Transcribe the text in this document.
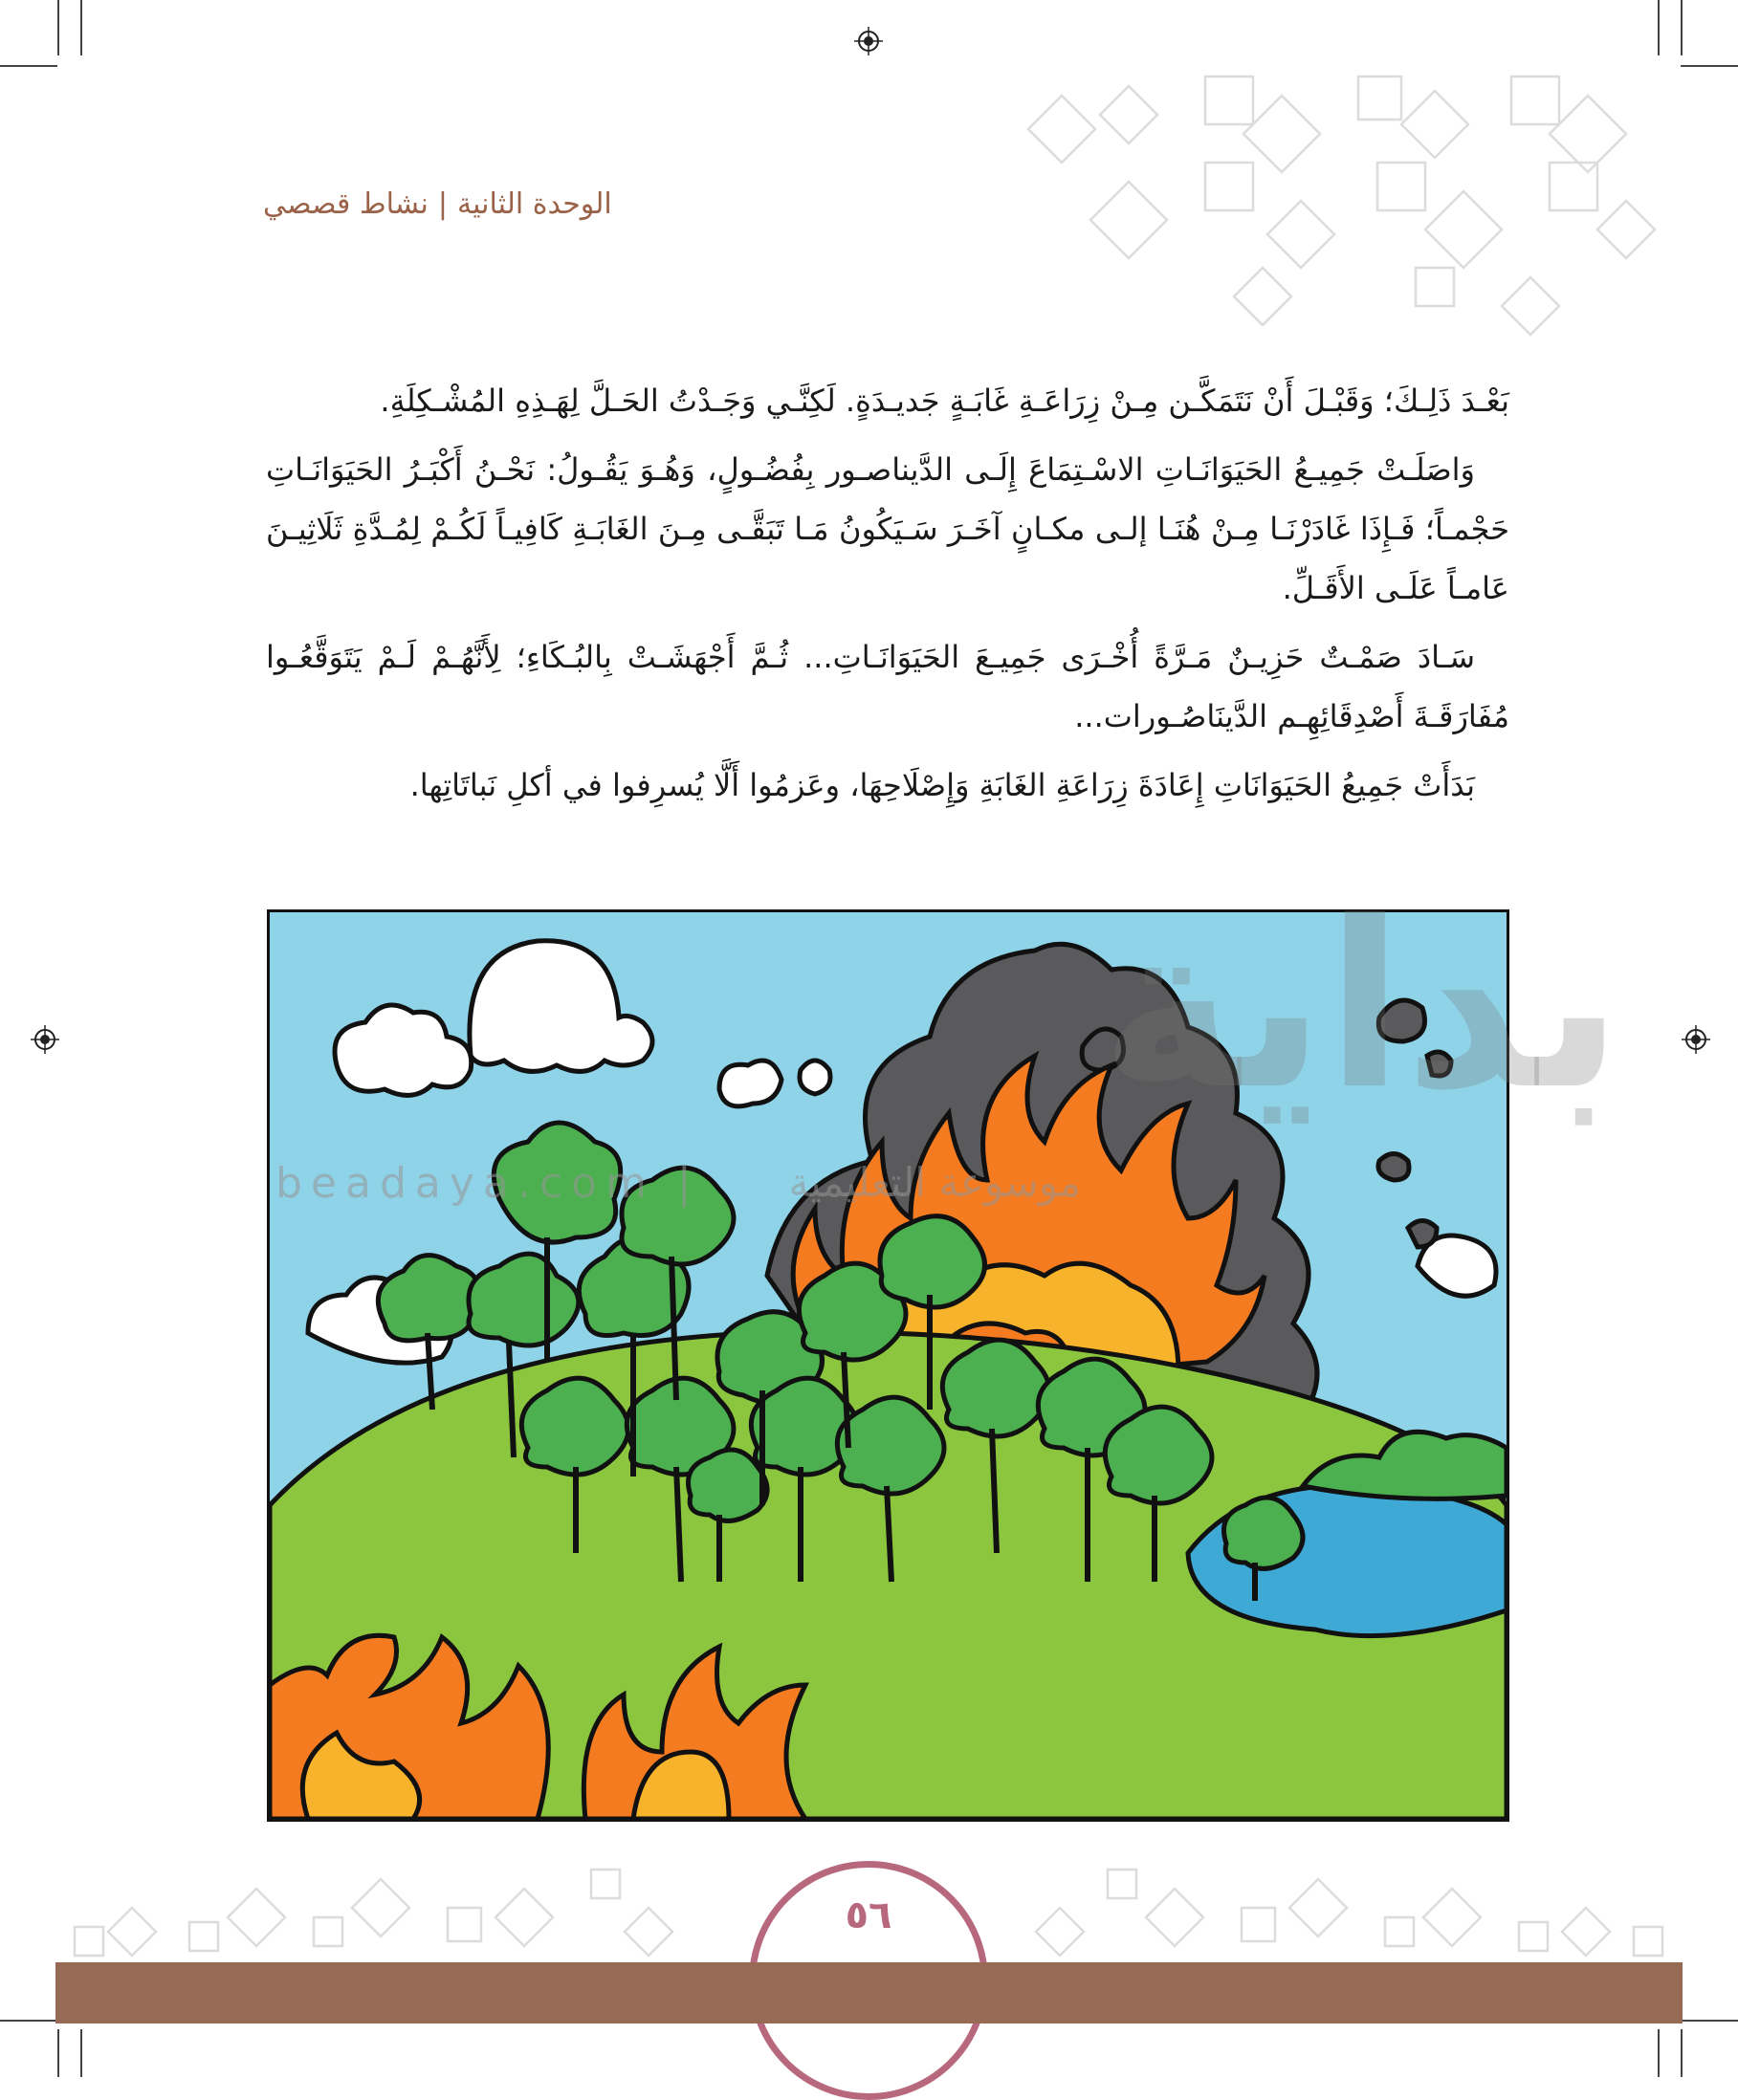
الوحدة الثانية|نشاط قصصي

بَعْـدَ ذَلِـكَ؛ وَقَبْـلَ أَنْ نَتَمَكَّـن مِـنْ زِرَاعَـةِ غَابَـةٍ جَديـدَةٍ. لَكِنَّـي وَجَـدْتُ الحَـلَّ لِهَـذِهِ المُشْـكِلَةِ.

وَاصَلَـتْ جَمِيـعُ الحَيَوَانَـاتِ الاسْـتِمَاعَ إِلَـى الدَّيناصـور بِفُضُـولٍ، وَهُـوَ يَقُـولُ: نَحْـنُ أَكْبَـرُ الحَيَوَانَـاتِ حَجْمـاً؛ فَـإِذَا غَادَرْنَـا مِـنْ هُنَـا إلـى مكـانٍ آخَـرَ سَـيَكُونُ مَـا تَبَقَّـى مِـنَ الغَابَـةِ كَافِيـاً لَكُـمْ لِمُـدَّةِ ثَلَاثِيـنَ عَامـاً عَلَـى الأَقَـلِّ.

سَـادَ صَمْـتٌ حَزِيـنٌ مَـرَّةً أُخْـرَى جَمِيـعَ الحَيَوَانَـاتِ... ثُـمَّ أَجْهَشَـتْ بِالبُـكَاءِ؛ لِأَنَّهُـمْ لَـمْ يَتَوَقَّعُـوا مُفَارَقَـةَ أَصْدِقَائِهِـم الدَّينَاصُـورات...

بَدَأَتْ جَمِيعُ الحَيَوَانَاتِ إِعَادَةَ زِرَاعَةِ الغَابَةِ وَإِصْلَاحِهَا، وعَزمُوا أَلَّا يُسرِفوا في أكلِ نَباتَاتِها.

بداية
beadaya.com |	موسوعة التعليمية
٥٦
